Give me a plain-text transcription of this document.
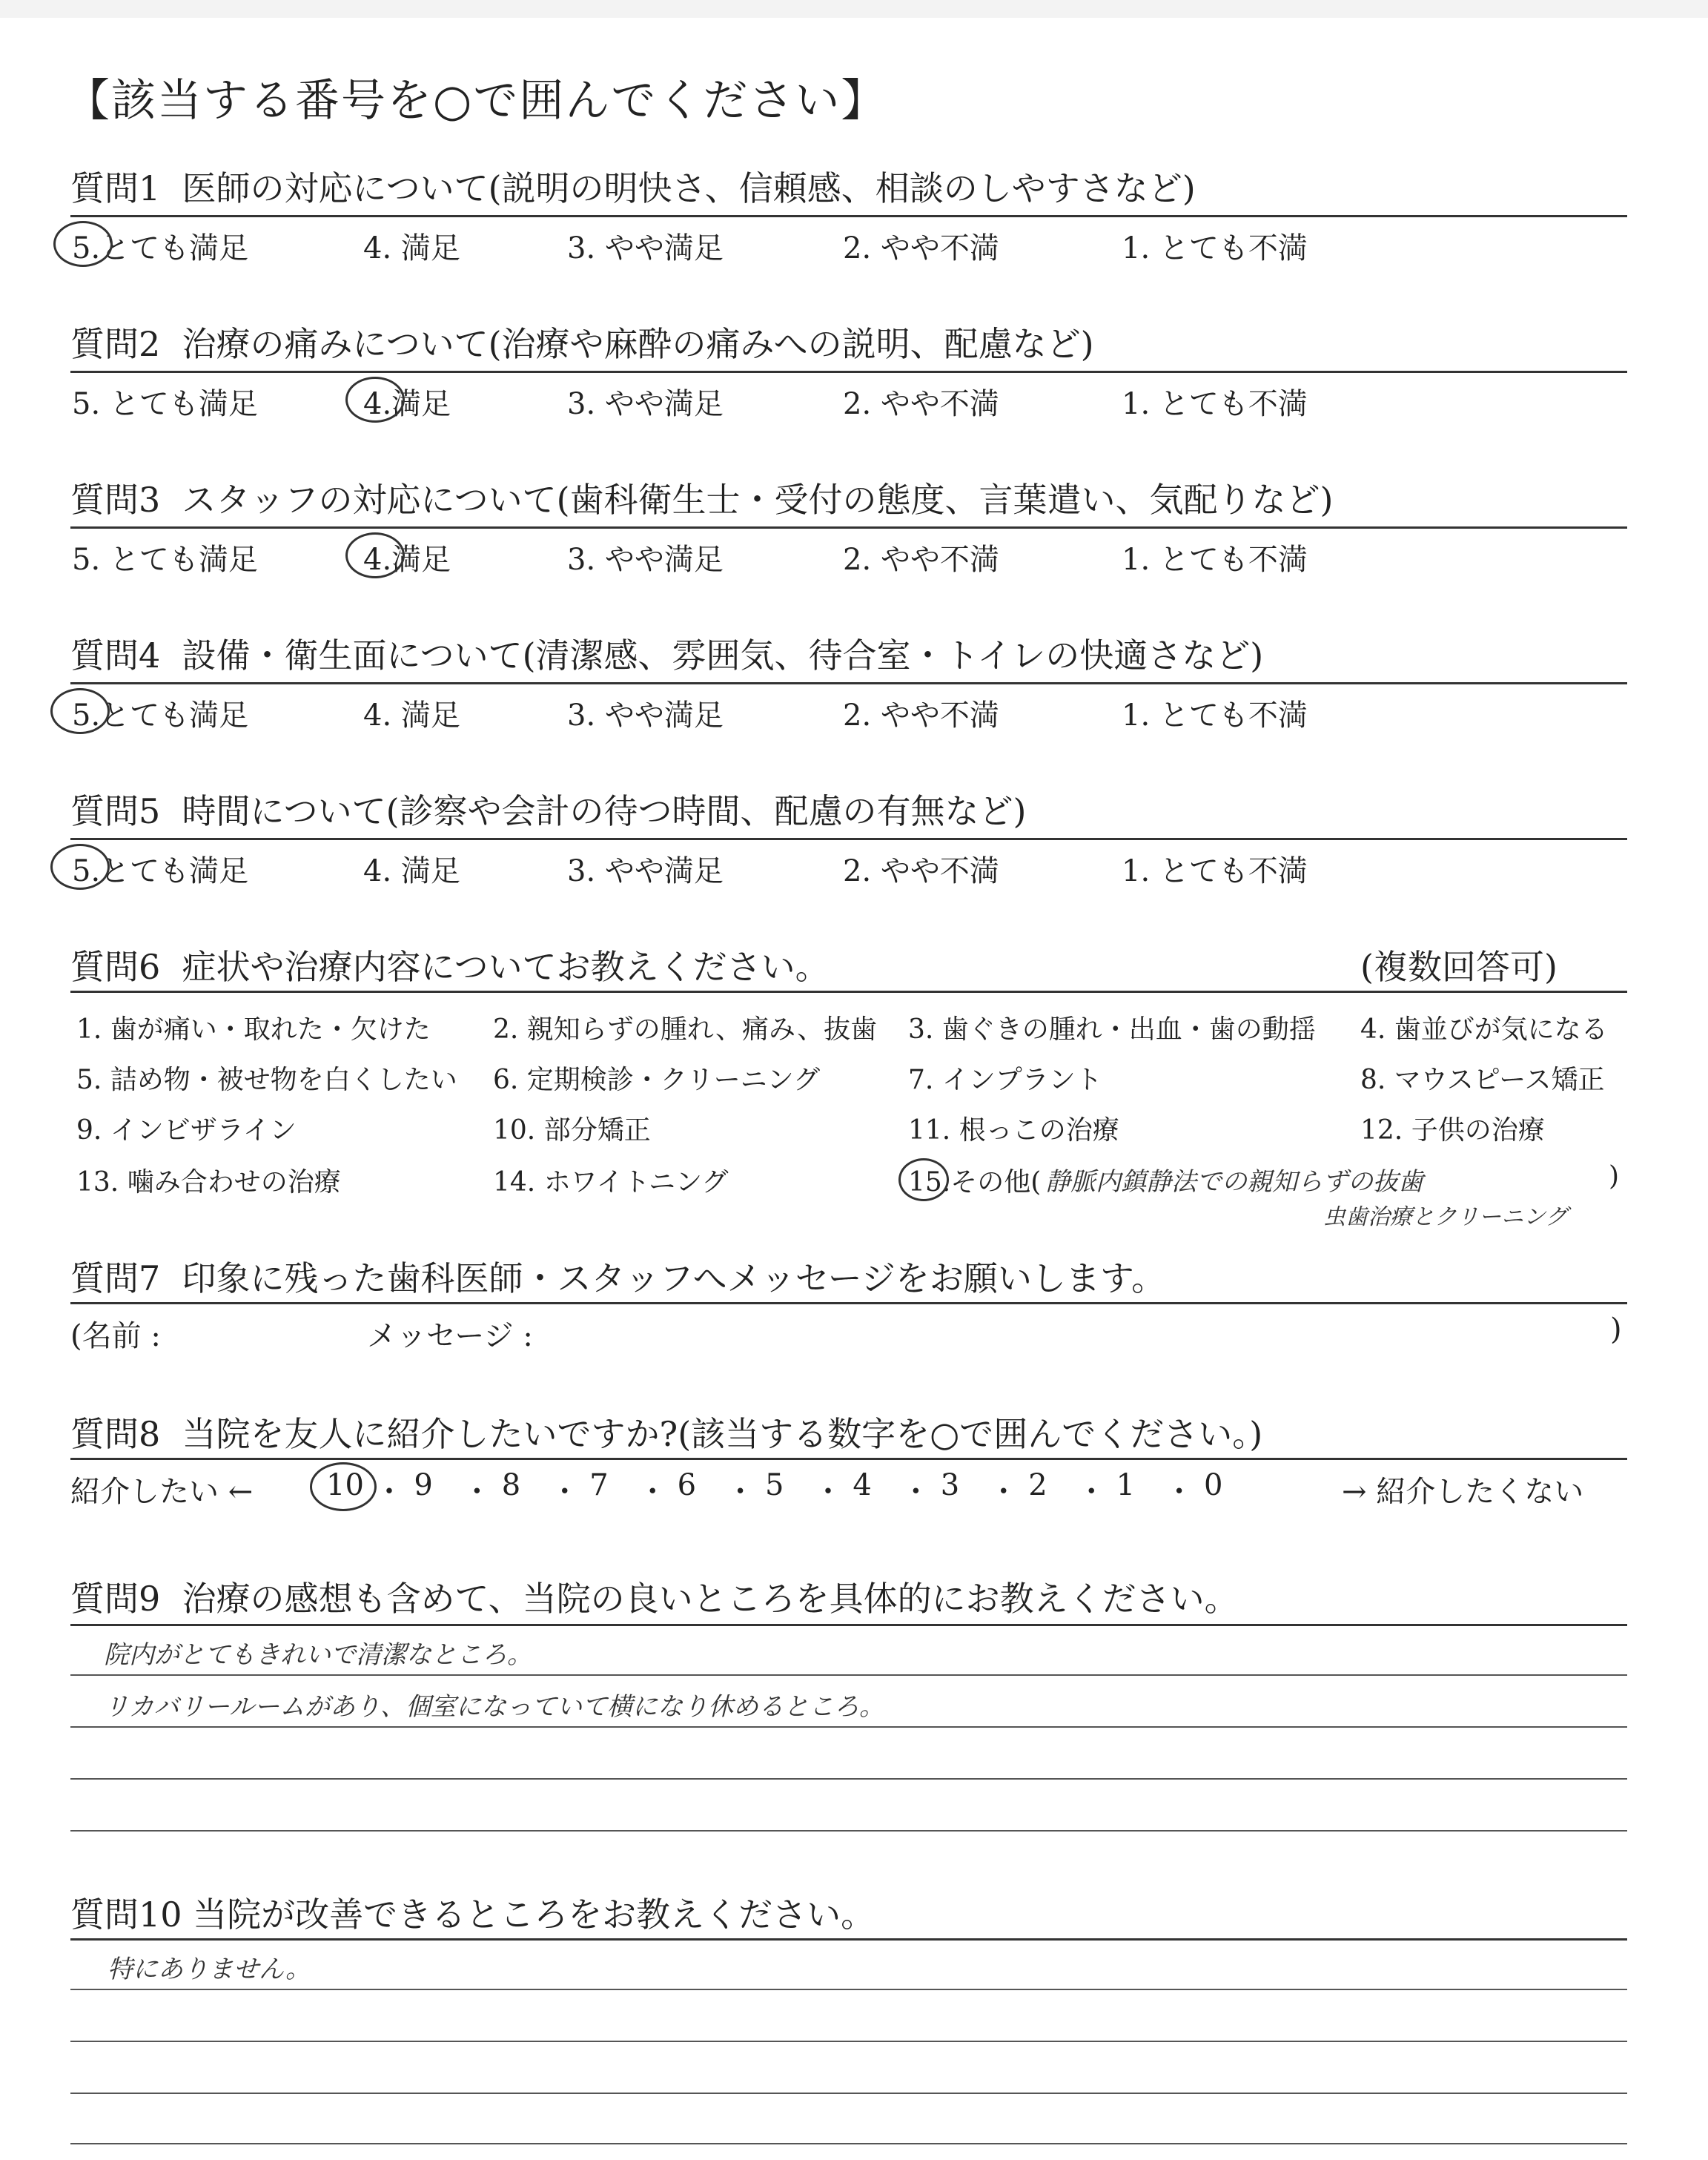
【該当する番号を○で囲んでください】
質問1 医師の対応について(説明の明快さ、信頼感、相談のしやすさなど)
5.とても満足	4. 満足	3. やや満足	2. やや不満	1. とても不満
質問2 治療の痛みについて(治療や麻酔の痛みへの説明、配慮など)
5. とても満足	4.満足	3. やや満足	2. やや不満	1. とても不満
質問3 スタッフの対応について(歯科衛生士・受付の態度、言葉遣い、気配りなど)
5. とても満足	4.満足	3. やや満足	2. やや不満	1. とても不満
質問4 設備・衛生面について(清潔感、雰囲気、待合室・トイレの快適さなど)
5.とても満足	4. 満足	3. やや満足	2. やや不満	1. とても不満
質問5 時間について(診察や会計の待つ時間、配慮の有無など)
5.とても満足	4. 満足	3. やや満足	2. やや不満	1. とても不満
質問6 症状や治療内容についてお教えください。	(複数回答可)
1. 歯が痛い・取れた・欠けた 2. 親知らずの腫れ、痛み、抜歯 3. 歯ぐきの腫れ・出血・歯の動揺 4. 歯並びが気になる
5. 詰め物・被せ物を白くしたい 6. 定期検診・クリーニング	7. インプラント	8. マウスピース矯正
9. インビザライン	10. 部分矯正	11. 根っこの治療	12. 子供の治療
13. 噛み合わせの治療	14. ホワイトニング	15.その他( 静脈内鎮静法での親知らずの抜歯	)
虫歯治療とクリーニング
質問7 印象に残った歯科医師・スタッフへメッセージをお願いします。
(名前 :	メッセージ :	)
質問8 当院を友人に紹介したいですか?(該当する数字を○で囲んでください。)
紹介したい ← 10 ・ 9 ・ 8 ・ 7 ・ 6 ・ 5 ・ 4 ・ 3 ・ 2 ・ 1 ・ 0	→ 紹介したくない
質問9 治療の感想も含めて、当院の良いところを具体的にお教えください。
院内がとてもきれいで清潔なところ。
リカバリールームがあり、個室になっていて横になり休めるところ。
質問10 当院が改善できるところをお教えください。
特にありません。
